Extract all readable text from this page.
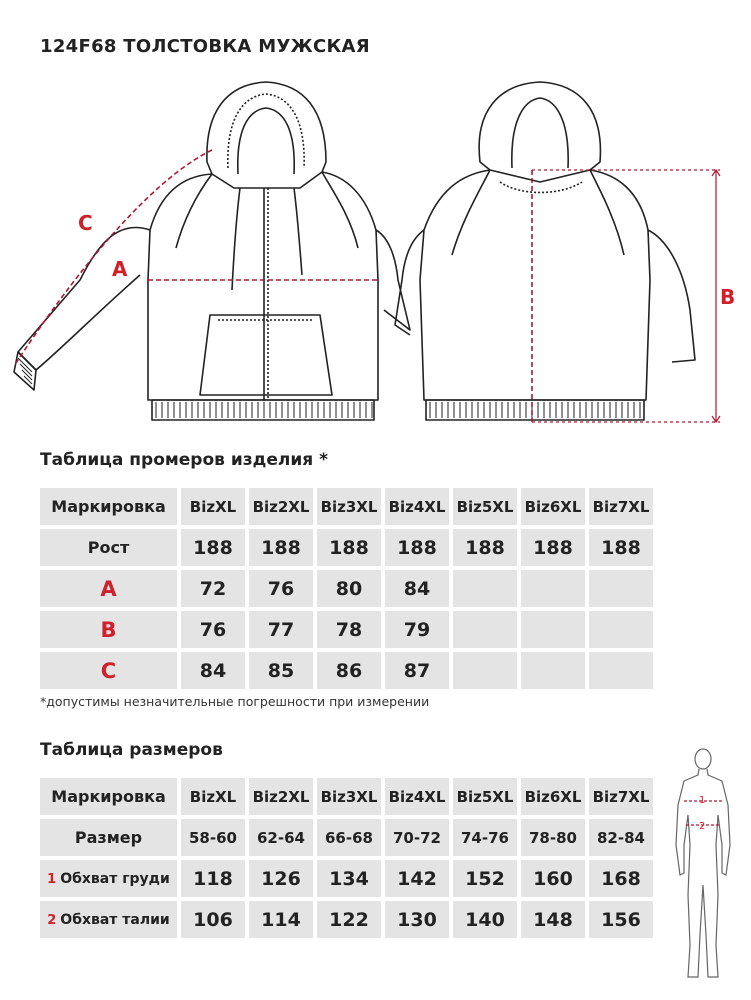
124F68 ТОЛСТОВКА МУЖСКАЯ
A
B
C
Таблица промеров изделия *
Маркировка	BizXL	Biz2XL	Biz3XL	Biz4XL	Biz5XL	Biz6XL	Biz7XL
Рост	188	188	188	188	188	188	188
A	72	76	80	84			
B	76	77	78	79			
C	84	85	86	87			
*допустимы незначительные погрешности при измерении
Таблица размеров
Маркировка	BizXL	Biz2XL	Biz3XL	Biz4XL	Biz5XL	Biz6XL	Biz7XL
Размер	58-60	62-64	66-68	70-72	74-76	78-80	82-84
1 Обхват груди	118	126	134	142	152	160	168
2 Обхват талии	106	114	122	130	140	148	156
1
2
